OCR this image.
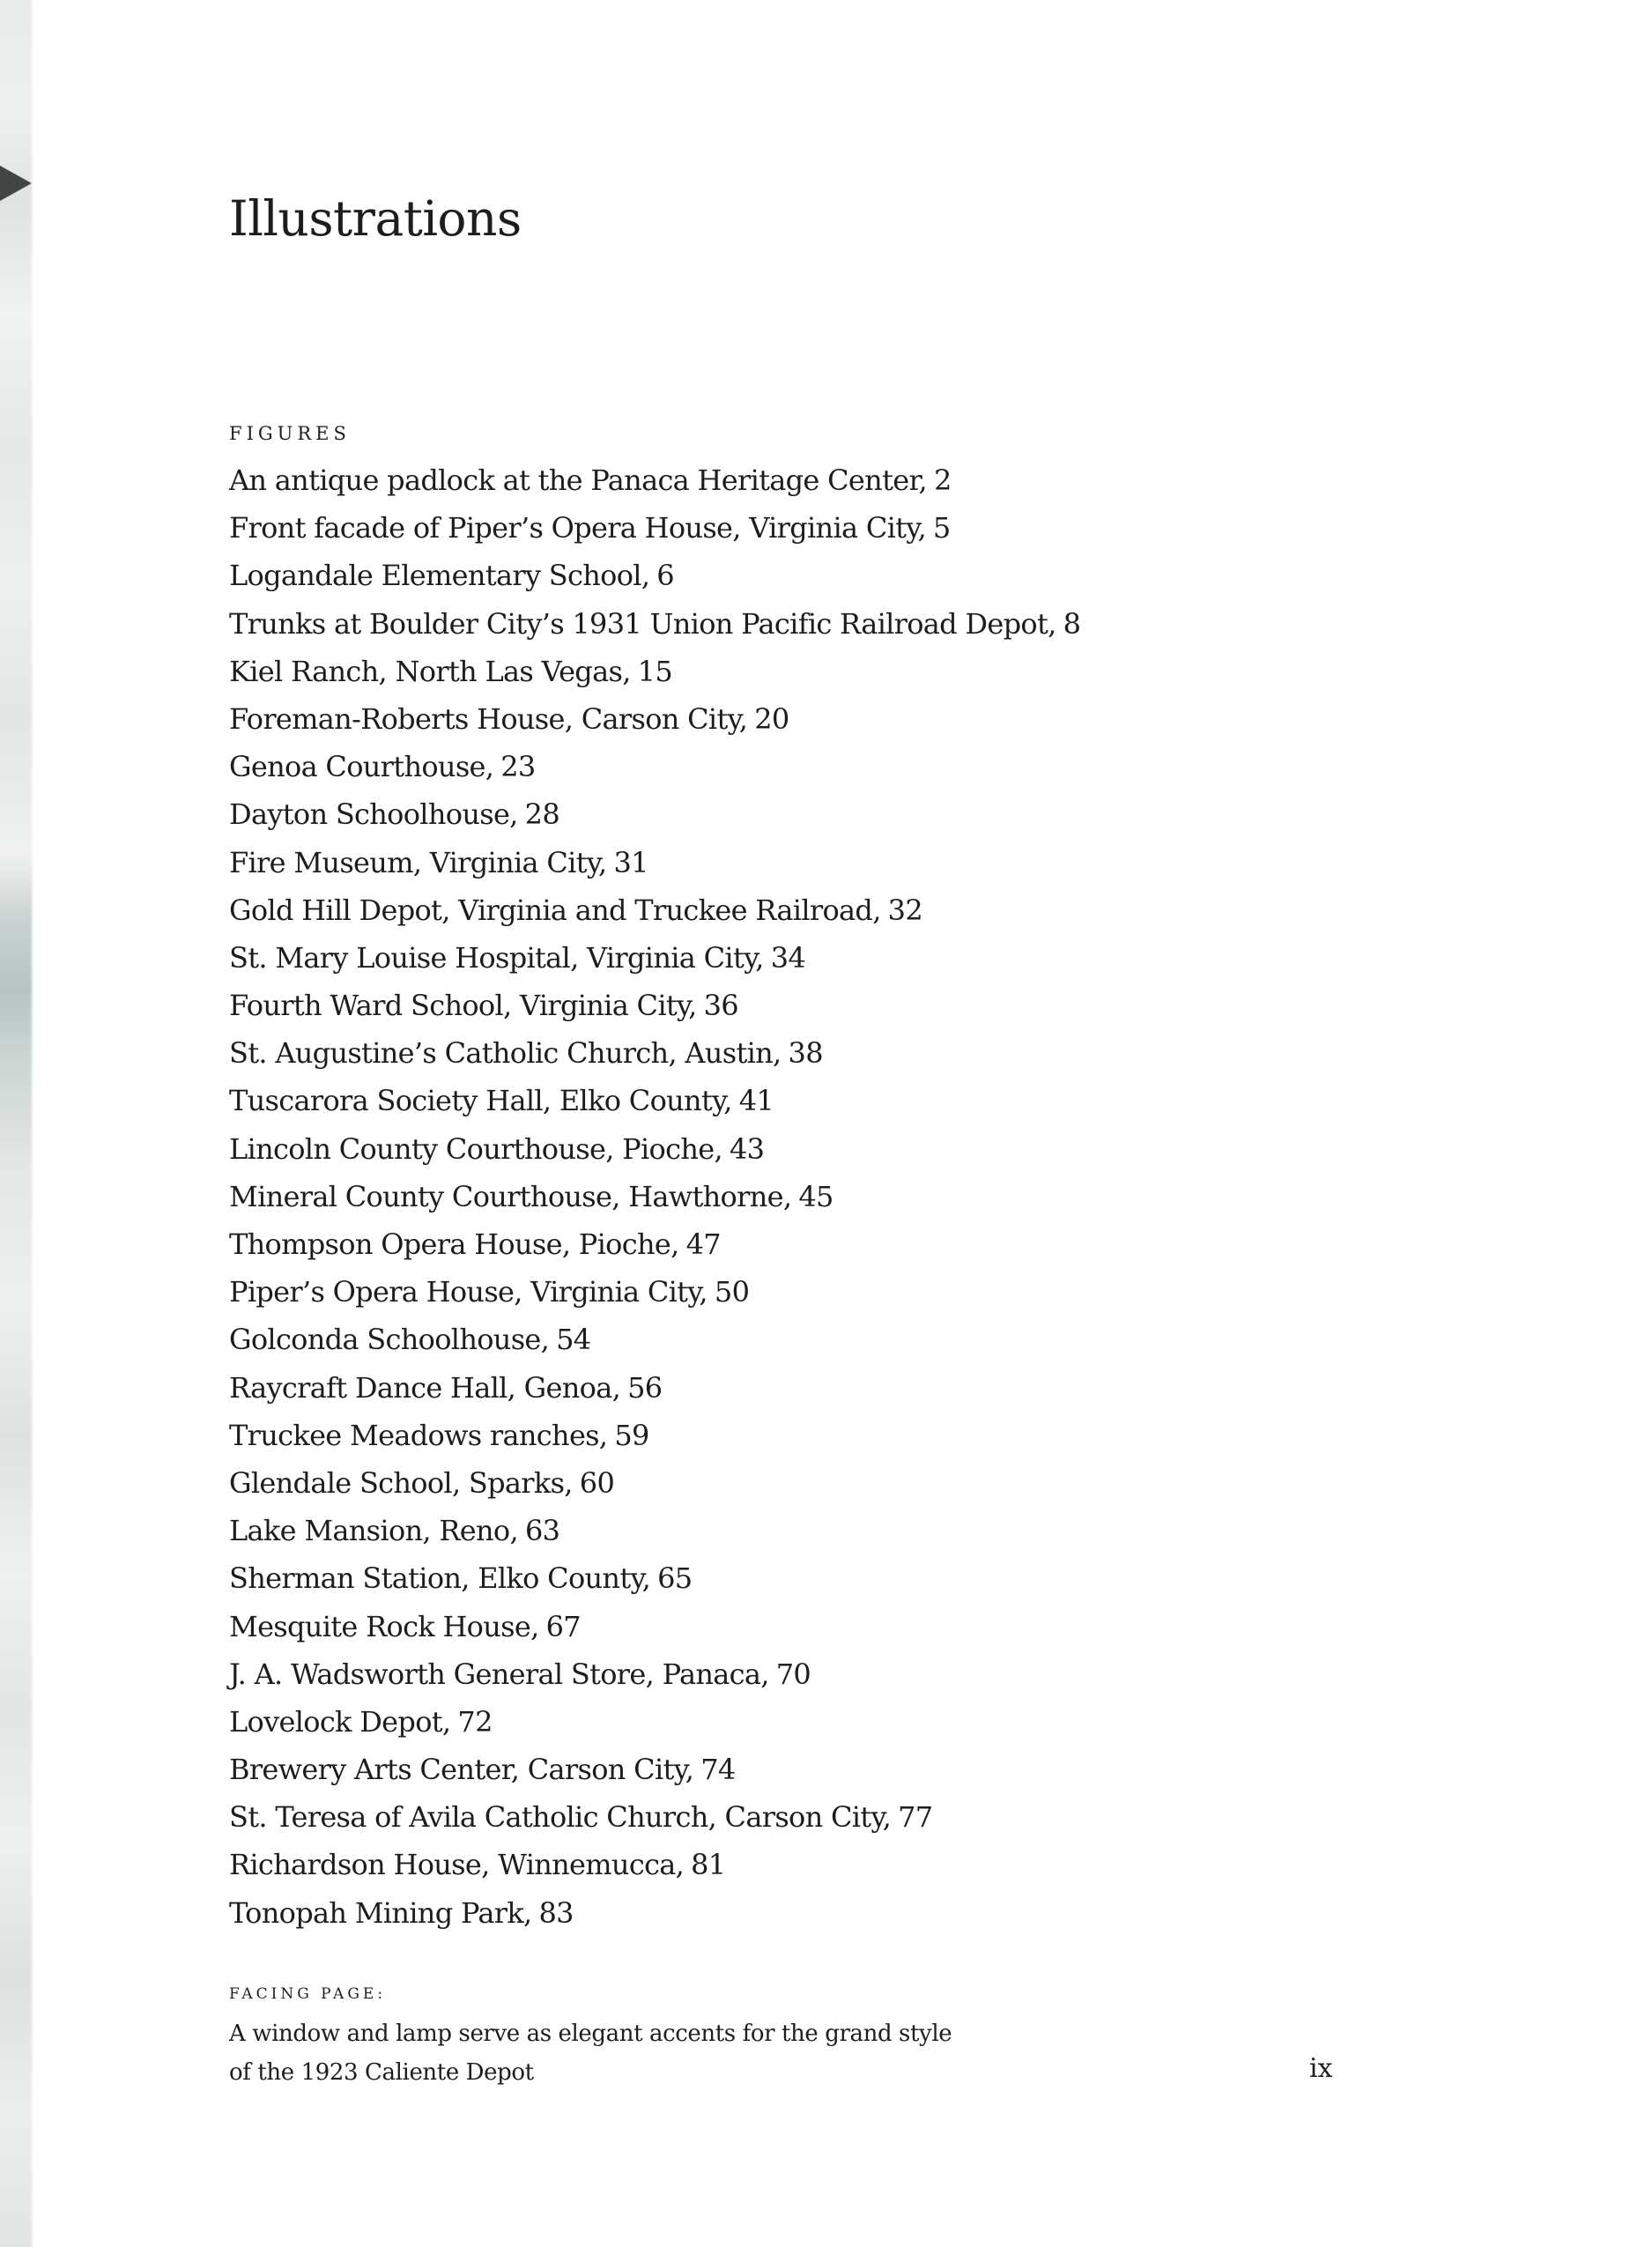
Illustrations
FIGURES
An antique padlock at the Panaca Heritage Center, 2
Front facade of Piper’s Opera House, Virginia City, 5
Logandale Elementary School, 6
Trunks at Boulder City’s 1931 Union Pacific Railroad Depot, 8
Kiel Ranch, North Las Vegas, 15
Foreman-Roberts House, Carson City, 20
Genoa Courthouse, 23
Dayton Schoolhouse, 28
Fire Museum, Virginia City, 31
Gold Hill Depot, Virginia and Truckee Railroad, 32
St. Mary Louise Hospital, Virginia City, 34
Fourth Ward School, Virginia City, 36
St. Augustine’s Catholic Church, Austin, 38
Tuscarora Society Hall, Elko County, 41
Lincoln County Courthouse, Pioche, 43
Mineral County Courthouse, Hawthorne, 45
Thompson Opera House, Pioche, 47
Piper’s Opera House, Virginia City, 50
Golconda Schoolhouse, 54
Raycraft Dance Hall, Genoa, 56
Truckee Meadows ranches, 59
Glendale School, Sparks, 60
Lake Mansion, Reno, 63
Sherman Station, Elko County, 65
Mesquite Rock House, 67
J. A. Wadsworth General Store, Panaca, 70
Lovelock Depot, 72
Brewery Arts Center, Carson City, 74
St. Teresa of Avila Catholic Church, Carson City, 77
Richardson House, Winnemucca, 81
Tonopah Mining Park, 83
FACING PAGE:
A window and lamp serve as elegant accents for the grand style
of the 1923 Caliente Depot	ix
